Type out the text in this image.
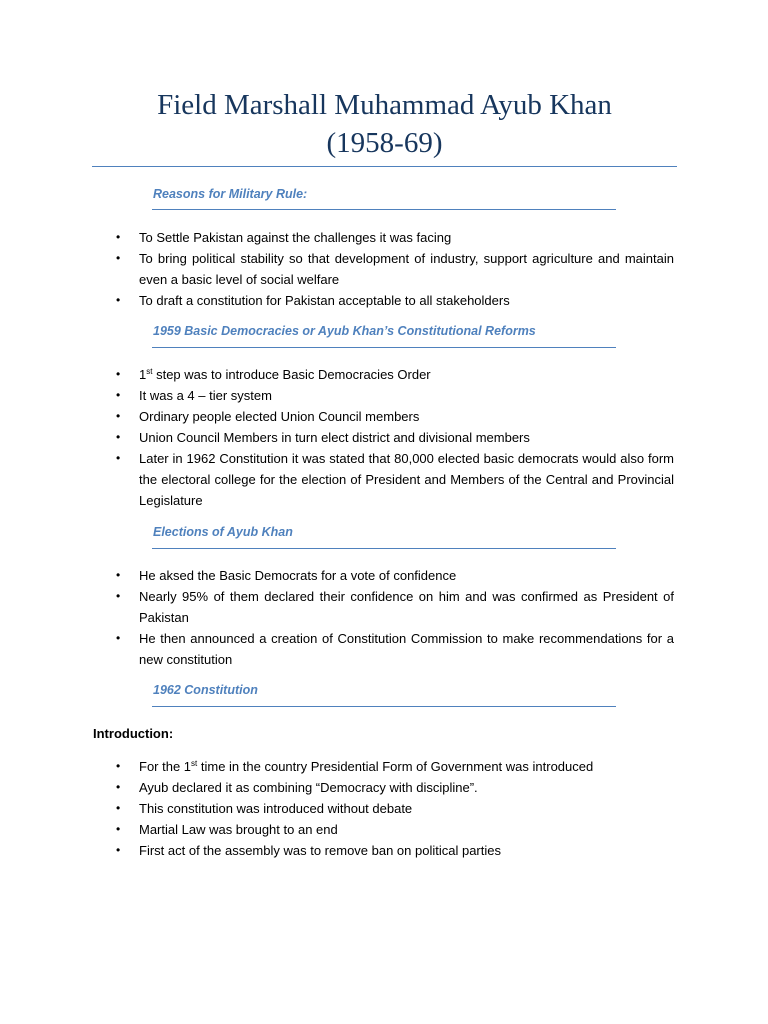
Field Marshall Muhammad Ayub Khan
(1958-69)
Reasons for Military Rule:
• To Settle Pakistan against the challenges it was facing
• To bring political stability so that development of industry, support agriculture and maintain even a basic level of social welfare
• To draft a constitution for Pakistan acceptable to all stakeholders
1959 Basic Democracies or Ayub Khan’s Constitutional Reforms
• 1st step was to introduce Basic Democracies Order
• It was a 4 – tier system
• Ordinary people elected Union Council members
• Union Council Members in turn elect district and divisional members
• Later in 1962 Constitution it was stated that 80,000 elected basic democrats would also form the electoral college for the election of President and Members of the Central and Provincial Legislature
Elections of Ayub Khan
• He aksed the Basic Democrats for a vote of confidence
• Nearly 95% of them declared their confidence on him and was confirmed as President of Pakistan
• He then announced a creation of Constitution Commission to make recommendations for a new constitution
1962 Constitution
Introduction:
• For the 1st time in the country Presidential Form of Government was introduced
• Ayub declared it as combining “Democracy with discipline”.
• This constitution was introduced without debate
• Martial Law was brought to an end
• First act of the assembly was to remove ban on political parties
